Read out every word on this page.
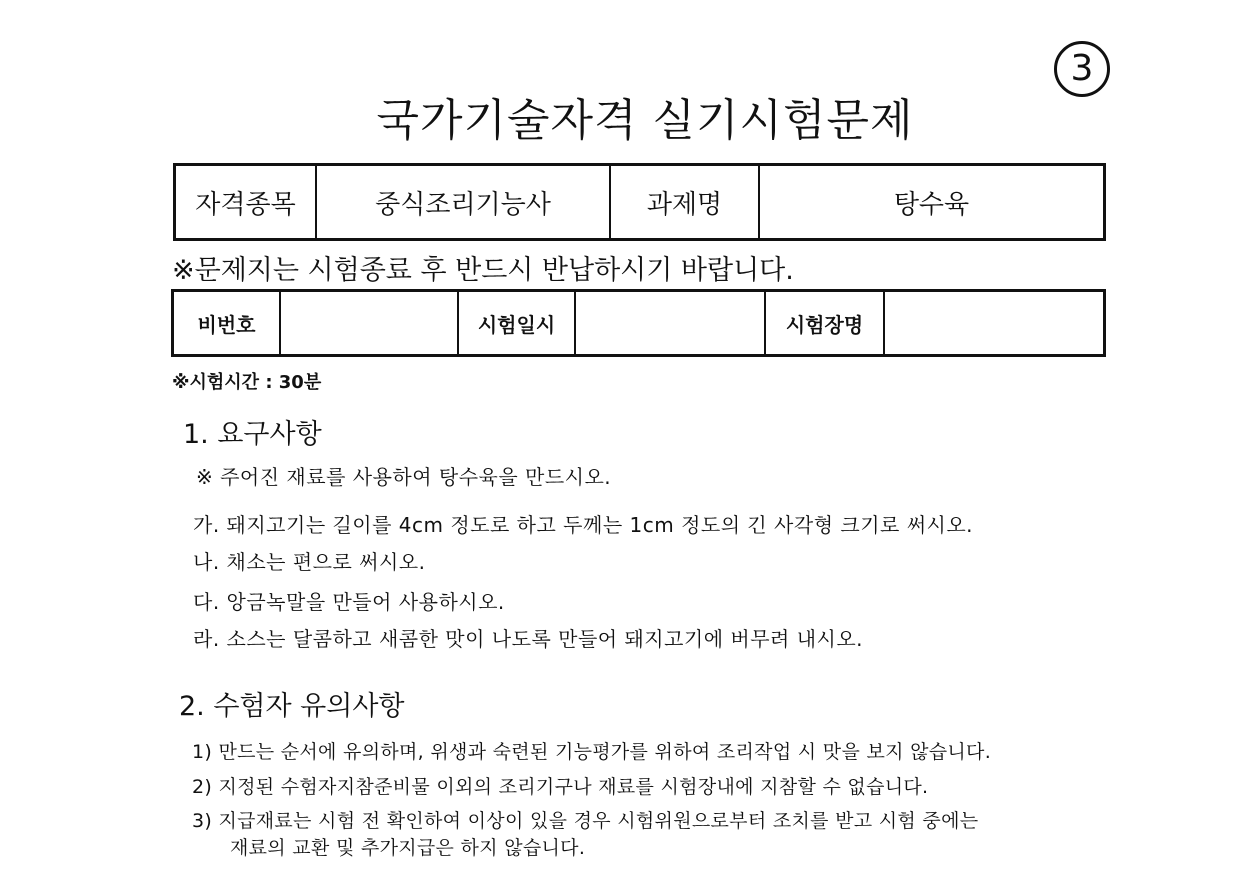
3
국가기술자격 실기시험문제
자격종목	중식조리기능사	과제명	탕수육
※문제지는 시험종료 후 반드시 반납하시기 바랍니다.
비번호		시험일시		시험장명	
※시험시간 : 30분
1. 요구사항
※ 주어진 재료를 사용하여 탕수육을 만드시오.
가. 돼지고기는 길이를 4cm 정도로 하고 두께는 1cm 정도의 긴 사각형 크기로 써시오.
나. 채소는 편으로 써시오.
다. 앙금녹말을 만들어 사용하시오.
라. 소스는 달콤하고 새콤한 맛이 나도록 만들어 돼지고기에 버무려 내시오.
2. 수험자 유의사항
1) 만드는 순서에 유의하며, 위생과 숙련된 기능평가를 위하여 조리작업 시 맛을 보지 않습니다.
2) 지정된 수험자지참준비물 이외의 조리기구나 재료를 시험장내에 지참할 수 없습니다.
3) 지급재료는 시험 전 확인하여 이상이 있을 경우 시험위원으로부터 조치를 받고 시험 중에는
재료의 교환 및 추가지급은 하지 않습니다.
